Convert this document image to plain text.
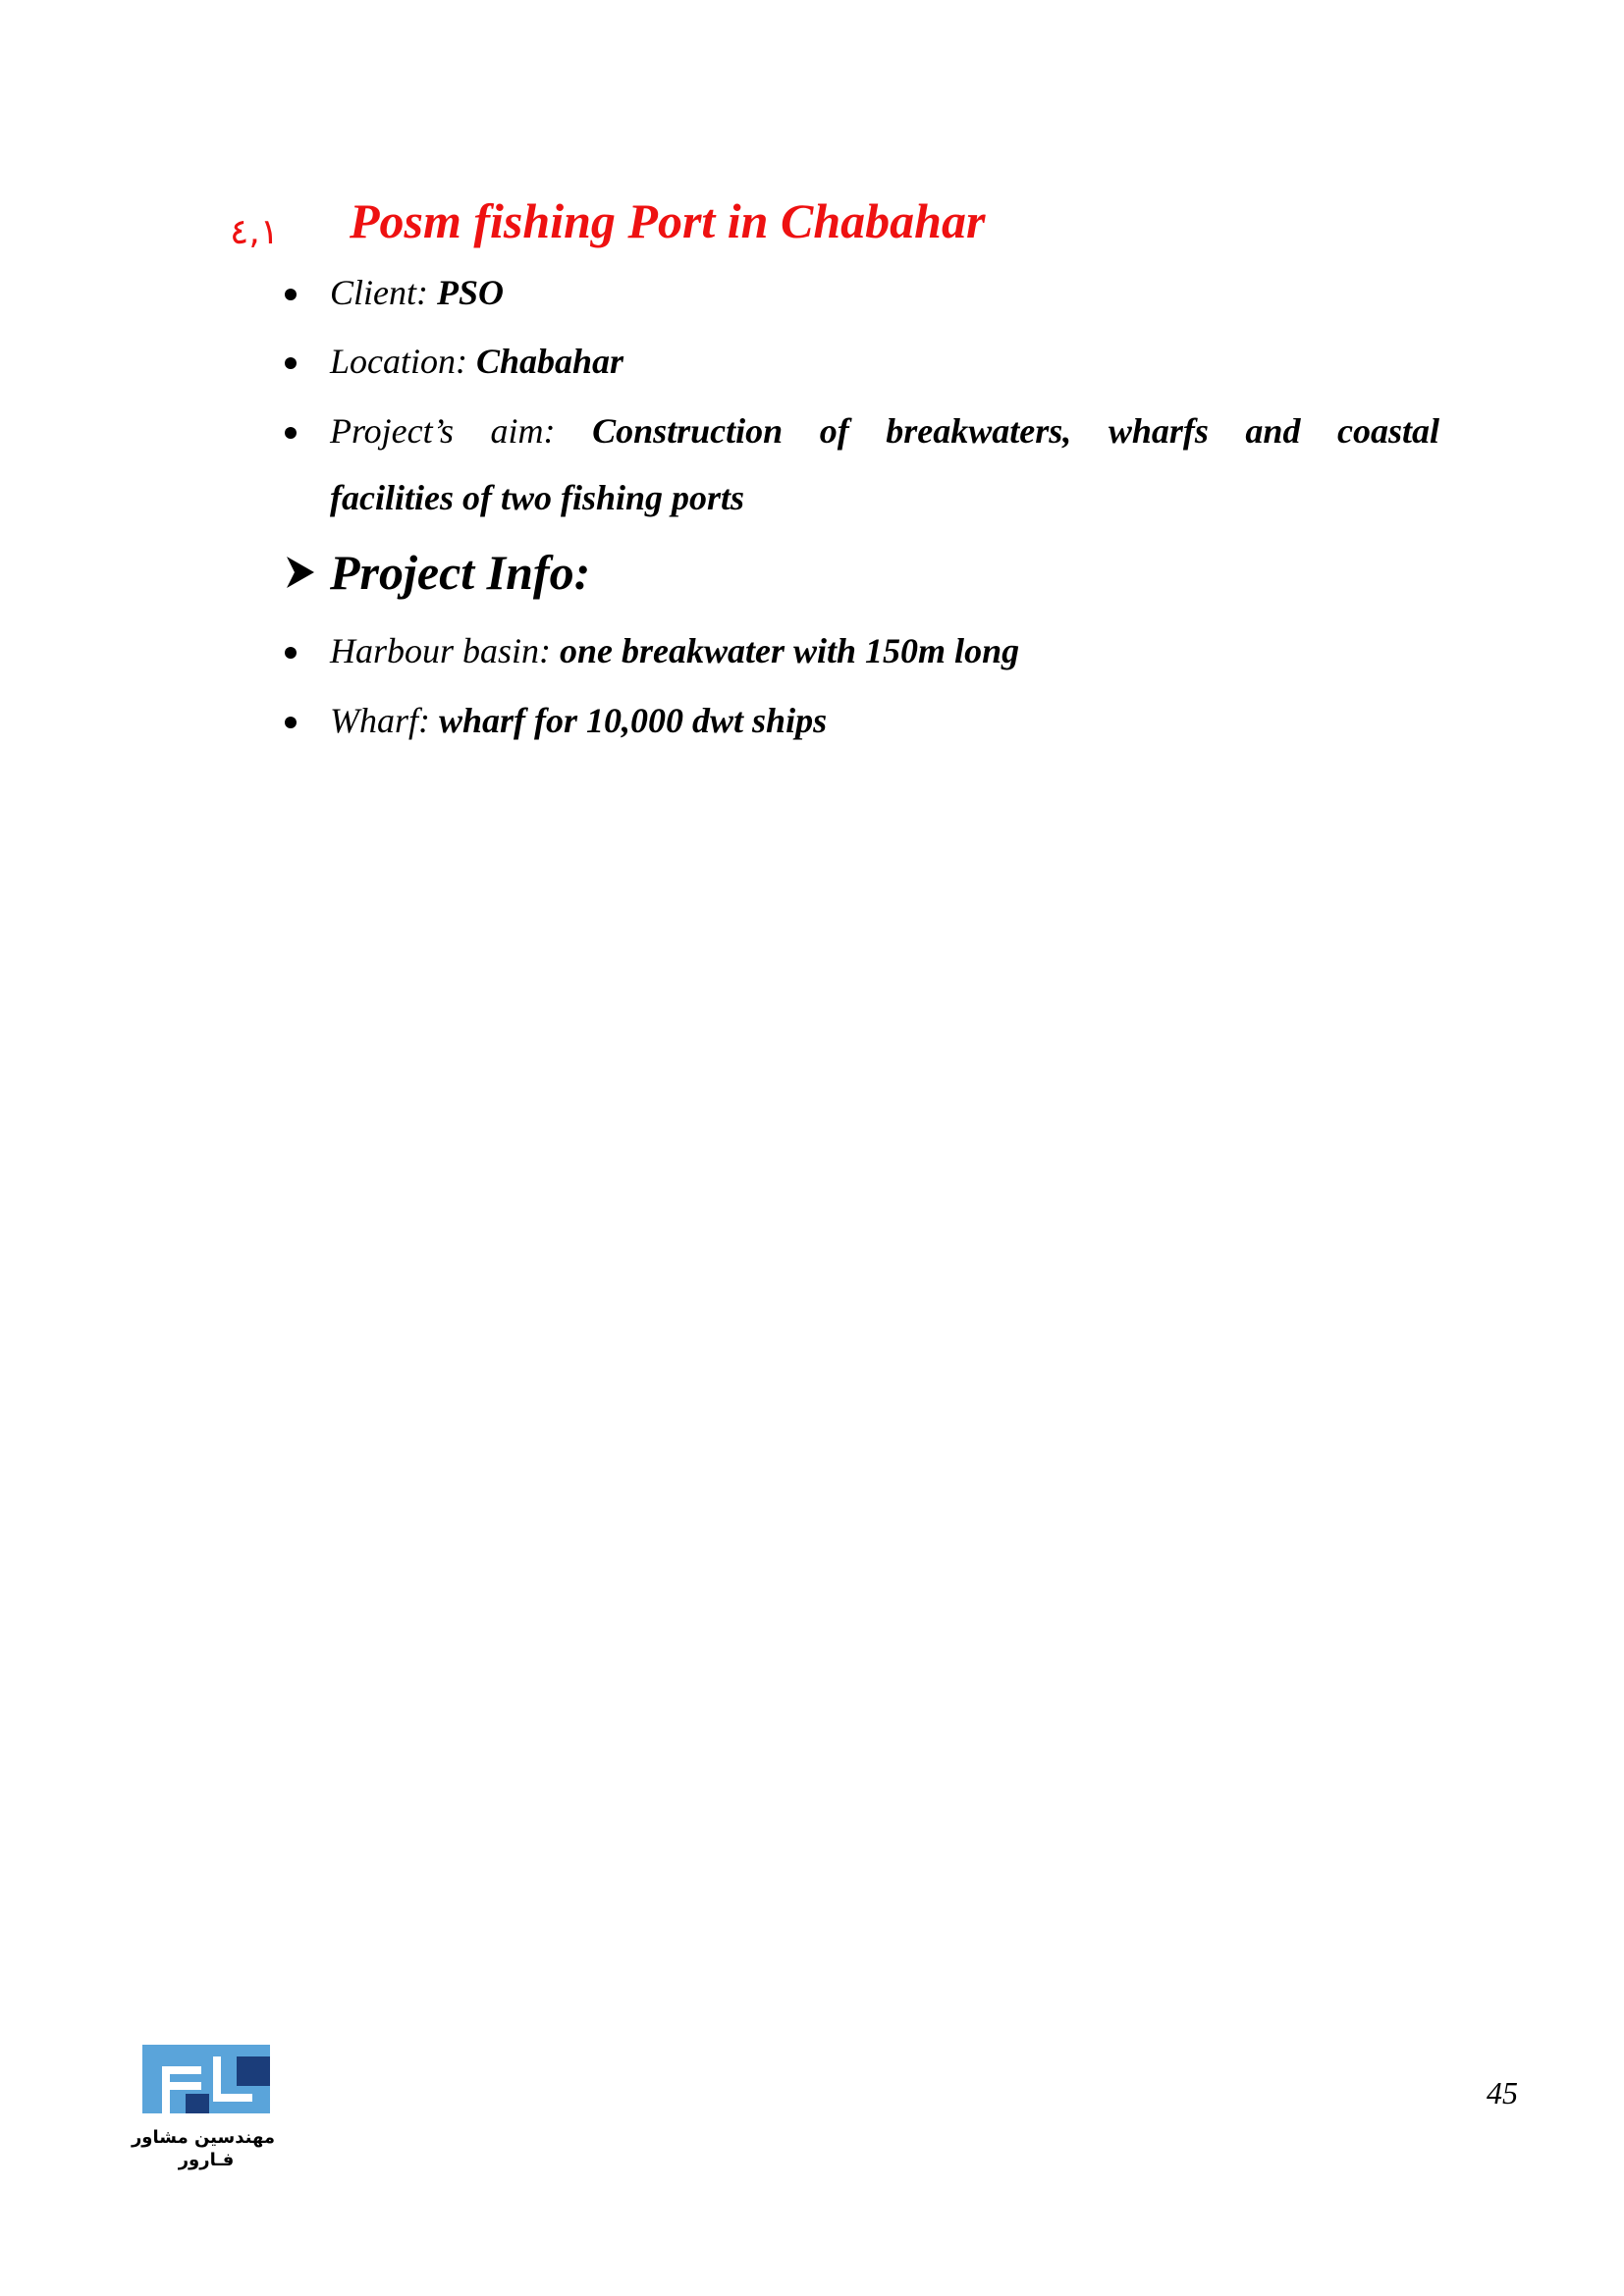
٤,١ Posm fishing Port in Chabahar
Client: PSO
Location: Chabahar
Project’s aim: Construction of breakwaters, wharfs and coastal
facilities of two fishing ports
Project Info:
Harbour basin: one breakwater with 150m long
Wharf: wharf for 10,000 dwt ships
مهندسین مشاور
فـارور
45
